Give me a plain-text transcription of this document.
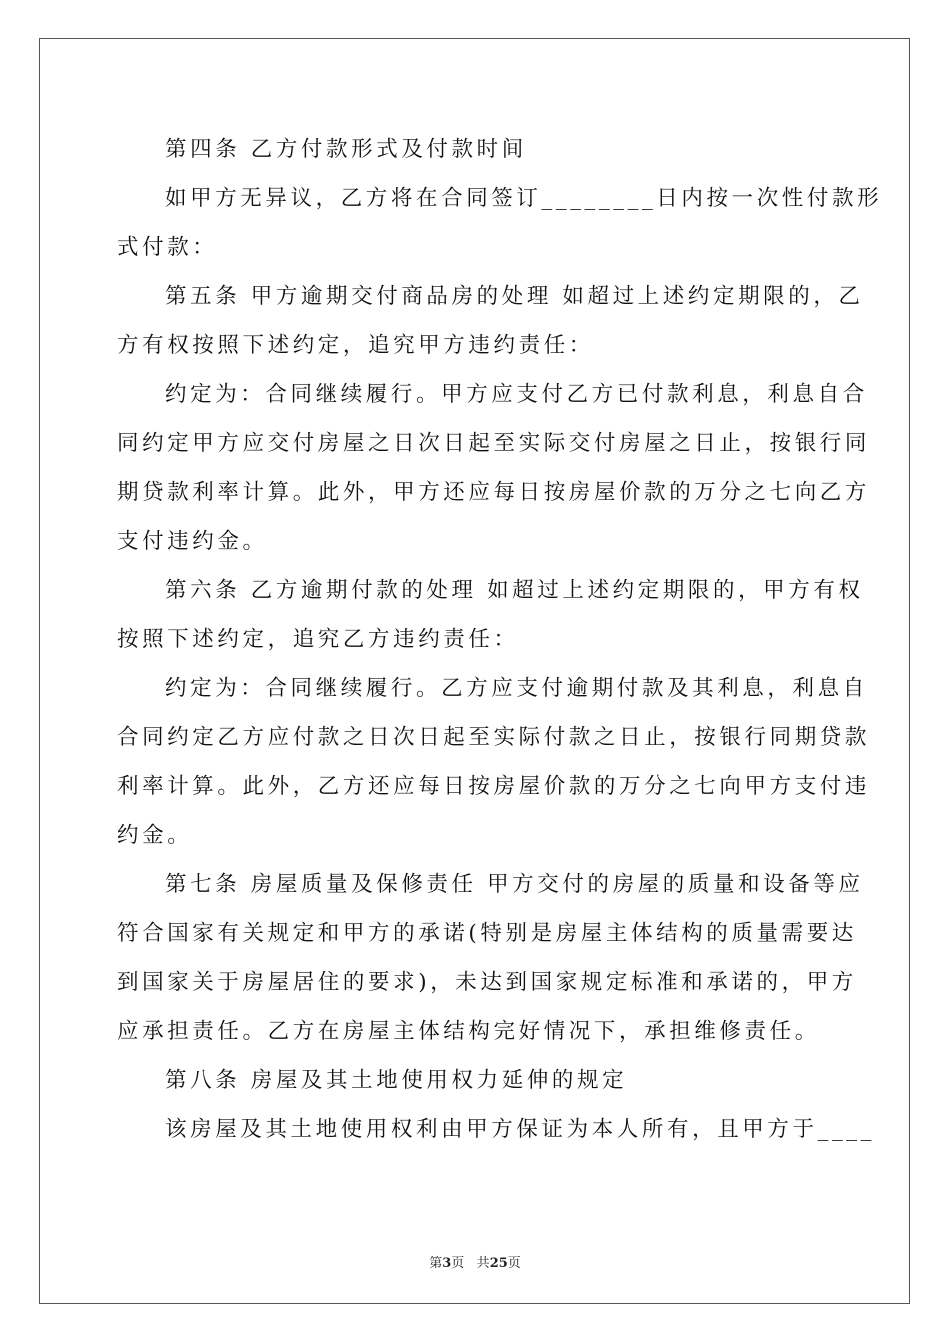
第四条 乙方付款形式及付款时间
如甲方无异议，乙方将在合同签订________日内按一次性付款形
式付款：
第五条 甲方逾期交付商品房的处理 如超过上述约定期限的，乙
方有权按照下述约定，追究甲方违约责任：
约定为：合同继续履行。甲方应支付乙方已付款利息，利息自合
同约定甲方应交付房屋之日次日起至实际交付房屋之日止，按银行同
期贷款利率计算。此外，甲方还应每日按房屋价款的万分之七向乙方
支付违约金。
第六条 乙方逾期付款的处理 如超过上述约定期限的，甲方有权
按照下述约定，追究乙方违约责任：
约定为：合同继续履行。乙方应支付逾期付款及其利息，利息自
合同约定乙方应付款之日次日起至实际付款之日止，按银行同期贷款
利率计算。此外，乙方还应每日按房屋价款的万分之七向甲方支付违
约金。
第七条 房屋质量及保修责任 甲方交付的房屋的质量和设备等应
符合国家有关规定和甲方的承诺(特别是房屋主体结构的质量需要达
到国家关于房屋居住的要求)，未达到国家规定标准和承诺的，甲方
应承担责任。乙方在房屋主体结构完好情况下，承担维修责任。
第八条 房屋及其土地使用权力延伸的规定
该房屋及其土地使用权利由甲方保证为本人所有，且甲方于____
第3页 共25页
